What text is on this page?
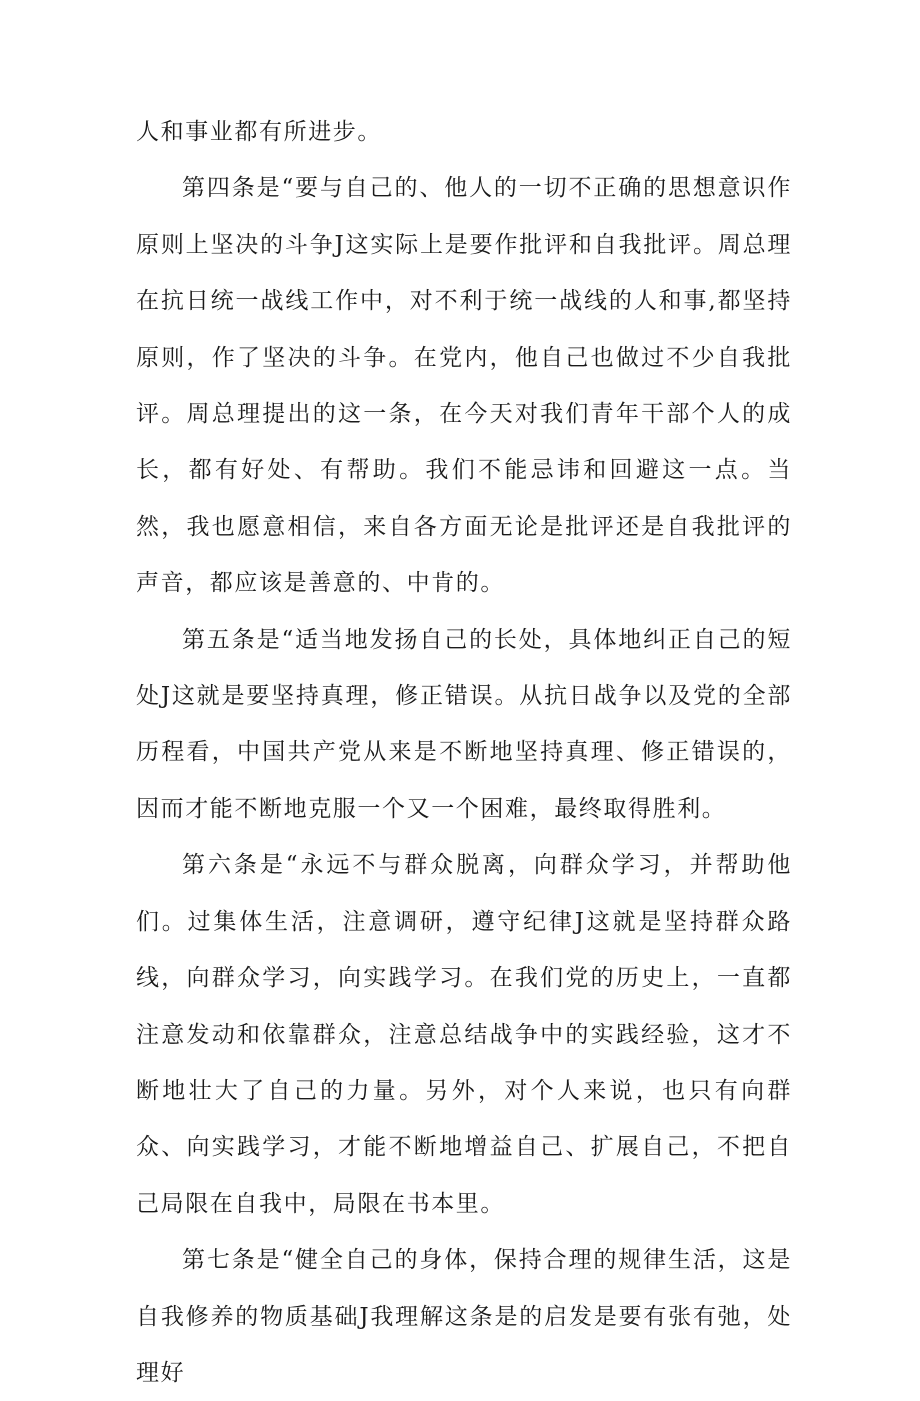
人和事业都有所进步。

第四条是“要与自己的、他人的一切不正确的思想意识作原则上坚决的斗争J这实际上是要作批评和自我批评。周总理在抗日统一战线工作中，对不利于统一战线的人和事,都坚持原则，作了坚决的斗争。在党内，他自己也做过不少自我批评。周总理提出的这一条，在今天对我们青年干部个人的成长，都有好处、有帮助。我们不能忌讳和回避这一点。当然，我也愿意相信，来自各方面无论是批评还是自我批评的声音，都应该是善意的、中肯的。

第五条是“适当地发扬自己的长处，具体地纠正自己的短处J这就是要坚持真理，修正错误。从抗日战争以及党的全部历程看，中国共产党从来是不断地坚持真理、修正错误的，因而才能不断地克服一个又一个困难，最终取得胜利。

第六条是“永远不与群众脱离，向群众学习，并帮助他们。过集体生活，注意调研，遵守纪律J这就是坚持群众路线，向群众学习，向实践学习。在我们党的历史上，一直都注意发动和依靠群众，注意总结战争中的实践经验，这才不断地壮大了自己的力量。另外，对个人来说，也只有向群众、向实践学习，才能不断地增益自己、扩展自己，不把自己局限在自我中，局限在书本里。

第七条是“健全自己的身体，保持合理的规律生活，这是自我修养的物质基础J我理解这条是的启发是要有张有弛，处理好
